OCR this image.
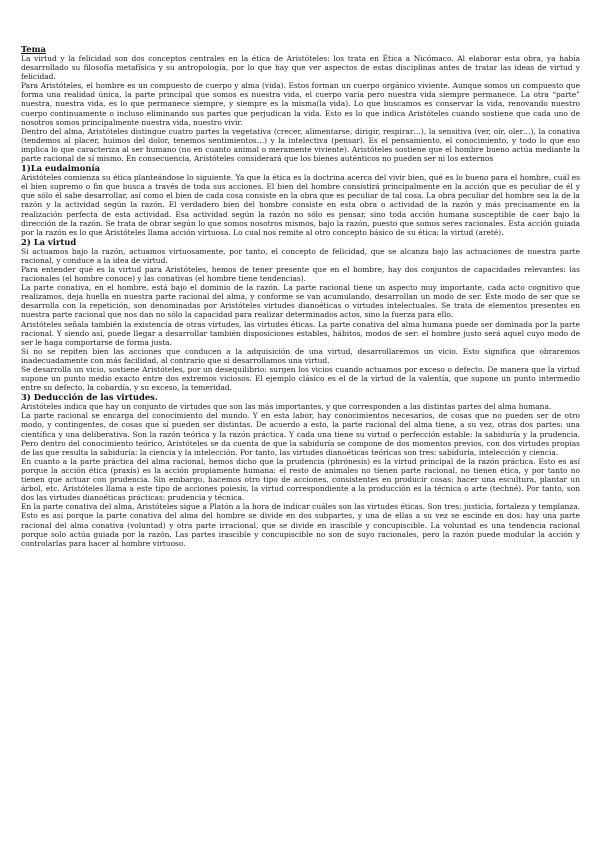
Tema

La virtud y la felicidad son dos conceptos centrales en la ética de Aristóteles: los trata en Ética a Nicómaco. Al elaborar esta obra, ya había desarrollado su filosofía metafísica y su antropología, por lo que hay que ver aspectos de estas disciplinas antes de tratar las ideas de virtud y felicidad.

Para Aristóteles, el hombre es un compuesto de cuerpo y alma (vida). Estos forman un cuerpo orgánico viviente. Aunque somos un compuesto que forma una realidad única, la parte principal que somos es nuestra vida, el cuerpo varía pero nuestra vida siempre permanece. La otra “parte” nuestra, nuestra vida, es lo que permanece siempre, y siempre es la misma(la vida). Lo que buscamos es conservar la vida, renovando nuestro cuerpo continuamente o incluso eliminando sus partes que perjudican la vida. Esto es lo que indica Aristóteles cuando sostiene que cada uno de nosotros somos principalmente nuestra vida, nuestro vivir.

Dentro del alma, Aristóteles distingue cuatro partes la vegetativa (crecer, alimentarse, dirigir, respirar…), la sensitiva (ver, oír, oler…), la conativa (tendemos al placer, huimos del dolor, tenemos sentimientos…) y la intelectiva (pensar). Es el pensamiento, el conocimiento, y todo lo que eso implica lo que caracteriza al ser humano (no en cuanto animal o meramente viviente). Aristóteles sostiene que el hombre bueno actúa mediante la parte racional de sí mismo. En consecuencia, Aristóteles considerará que los bienes auténticos no pueden ser ni los externos

1)La eudaimonía

Aristóteles comienza su ética planteándose lo siguiente. Ya que la ética es la doctrina acerca del vivir bien, qué es lo bueno para el hombre, cuál es el bien supremo o fin que busca a través de toda sus acciones. El bien del hombre consistirá principalmente en la acción que es peculiar de él y que sólo él sabe desarrollar, así como el bien de cada cosa consiste en la obra que es peculiar de tal cosa. La obra peculiar del hombre sea la de la razón y la actividad según la razón. El verdadero bien del hombre consiste en esta obra o actividad de la razón y más precisamente en la realización perfecta de esta actividad. Esa actividad según la razón no sólo es pensar, sino toda acción humana susceptible de caer bajo la dirección de la razón. Se trata de obrar según lo que somos nosotros mismos, bajo la razón, puesto que somos seres racionales. Esta acción guiada por la razón es lo que Aristóteles llama acción virtuosa. Lo cual nos remite al otro concepto básico de su ética: la virtud (areté).

2) La virtud

Si actuamos bajo la razón, actuamos virtuosamente, por tanto, el concepto de felicidad, que se alcanza bajo las actuaciones de nuestra parte racional, y conduce a la idea de virtud.

Para entender qué es la virtud para Aristóteles, hemos de tener presente que en el hombre, hay dos conjuntos de capacidades relevantes: las racionales (el hombre conoce) y las conativas (el hombre tiene tendencias).

La parte conativa, en el hombre, está bajo el dominio de la razón. La parte racional tiene un aspecto muy importante, cada acto cognitivo que realizamos, deja huella en nuestra parte racional del alma, y conforme se van acumulando, desarrollan un modo de ser. Este modo de ser que se desarrolla con la repetición, son denominadas por Aristóteles virtudes dianoéticas o virtudes intelectuales. Se trata de elementos presentes en nuestra parte racional que nos dan no sólo la capacidad para realizar determinados actos, sino la fuerza para ello.

Aristóteles señala también la existencia de otras virtudes, las virtudes éticas. La parte conativa del alma humana puede ser dominada por la parte racional. Y siendo así, puede llegar a desarrollar también disposiciones estables, hábitos, modos de ser: el hombre justo será aquel cuyo modo de ser le haga comportarse de forma justa.

Si no se repiten bien las acciones que conducen a la adquisición de una virtud, desarrollaremos un vicio. Esto significa que obraremos inadecuadamente con más facilidad, al contrario que si desarrollamos una virtud.

Se desarrolla un vicio, sostiene Aristóteles, por un desequilibrio: surgen los vicios cuando actuamos por exceso o defecto. De manera que la virtud supone un punto medio exacto entre dos extremos viciosos. El ejemplo clásico es el de la virtud de la valentía, que supone un punto intermedio entre su defecto, la cobardía, y su exceso, la temeridad.

3) Deducción de las virtudes.

Aristóteles indica que hay un conjunto de virtudes que son las más importantes, y que corresponden a las distintas partes del alma humana.

La parte racional se encarga del conocimiento del mundo. Y en esta labor, hay conocimientos necesarios, de cosas que no pueden ser de otro modo, y contingentes, de cosas que sí pueden ser distintas. De acuerdo a esto, la parte racional del alma tiene, a su vez, otras dos partes: una científica y una deliberativa. Son la razón teórica y la razón práctica. Y cada una tiene su virtud o perfección estable: la sabiduría y la prudencia. Pero dentro del conocimiento teórico, Aristóteles se da cuenta de que la sabiduría se compone de dos momentos previos, con dos virtudes propias de las que resulta la sabiduría: la ciencia y la intelección. Por tanto, las virtudes dianoéticas teóricas son tres: sabiduría, intelección y ciencia.

En cuanto a la parte práctica del alma racional, hemos dicho que la prudencia (phrónesis) es la virtud principal de la razón práctica. Esto es así porque la acción ética (praxis) es la acción propiamente humana: el resto de animales no tienen parte racional, no tienen ética, y por tanto no tienen que actuar con prudencia. Sin embargo, hacemos otro tipo de acciones, consistentes en producir cosas: hacer una escultura, plantar un árbol, etc. Aristóteles llama a este tipo de acciones poiesis, la virtud correspondiente a la producción es la técnica o arte (techné). Por tanto, son dos las virtudes dianoéticas prácticas: prudencia y técnica.

En la parte conativa del alma, Aristóteles sigue a Platón a la hora de indicar cuáles son las virtudes éticas. Son tres: justicia, fortaleza y templanza. Esto es así porque la parte conativa del alma del hombre se divide en dos subpartes, y una de ellas a su vez se escinde en dos: hay una parte racional del alma conativa (voluntad) y otra parte irracional, que se divide en irascible y concupiscible. La voluntad es una tendencia racional porque solo actúa guiada por la razón. Las partes irascible y concupiscible no son de suyo racionales, pero la razón puede modular la acción y controlarlas para hacer al hombre virtuoso.
